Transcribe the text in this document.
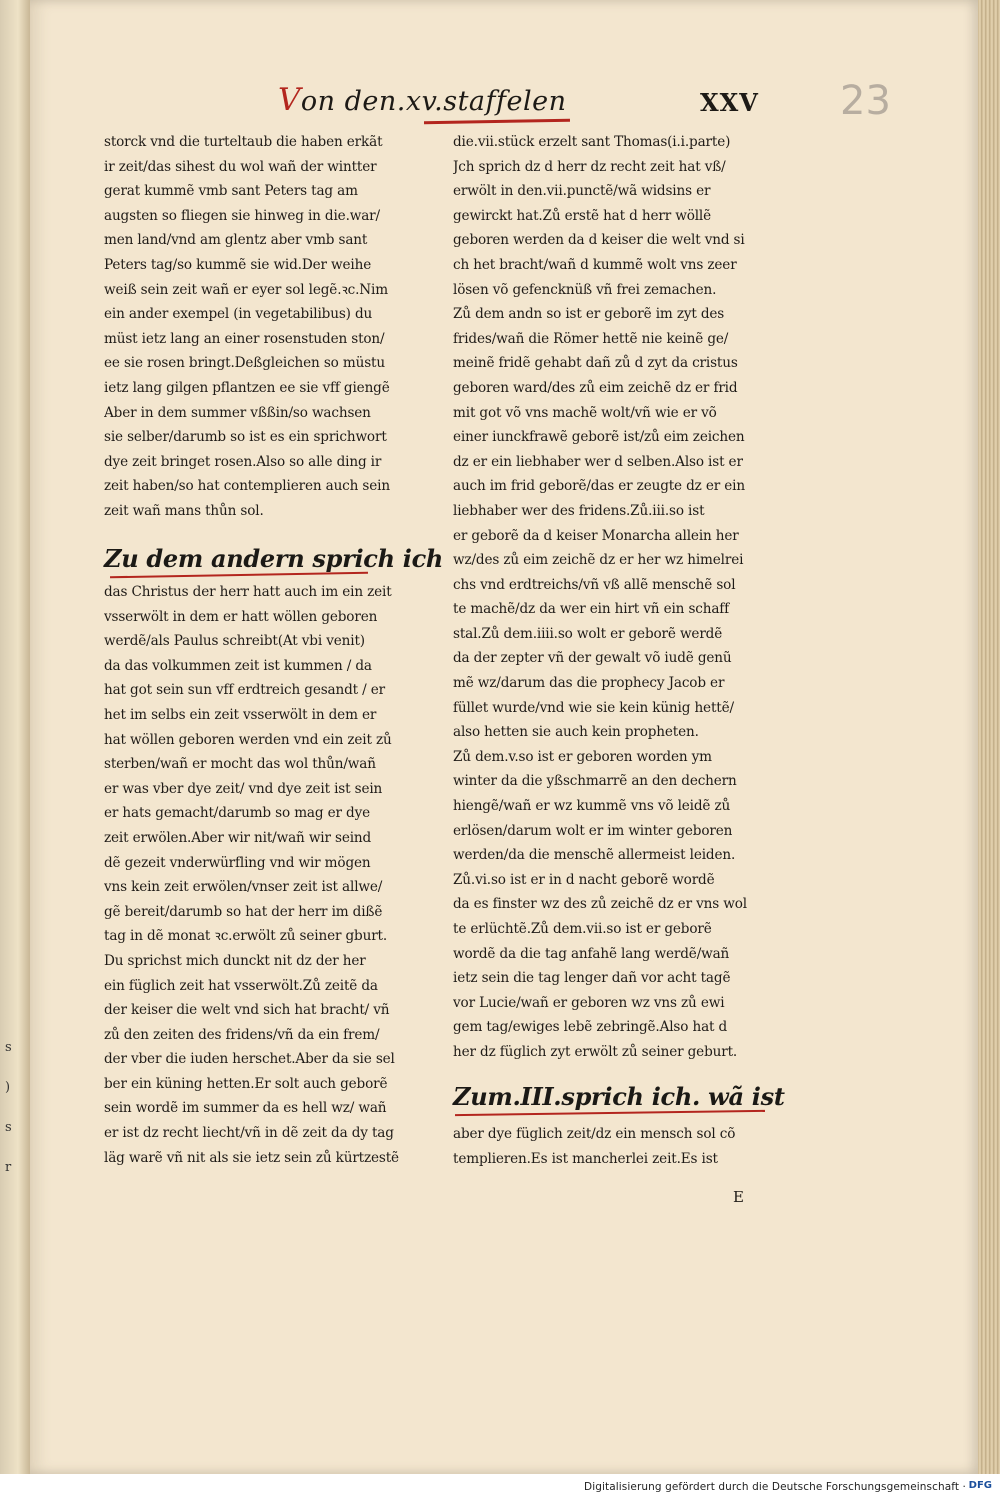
s
)
s
r
Von den.xv.staffelen	XXV 23
storck vnd die turteltaub die haben erkãt
ir zeit/das sihest du wol wañ der wintter
gerat kummẽ vmb sant Peters tag am
augsten so fliegen sie hinweg in die.war/
men land/vnd am glentz aber vmb sant
Peters tag/so kummẽ sie wid.Der weihe
weiß sein zeit wañ er eyer sol legẽ.ꝛc.Nim
ein ander exempel (in vegetabilibus) du
müst ietz lang an einer rosenstuden ston/
ee sie rosen bringt.Deßgleichen so müstu
ietz lang gilgen pflantzen ee sie vff giengẽ
Aber in dem summer vßßin/so wachsen
sie selber/darumb so ist es ein sprichwort
dye zeit bringet rosen.Also so alle ding ir
zeit haben/so hat contemplieren auch sein
zeit wañ mans thůn sol.
Zu dem andern sprich ich
das Christus der herr hatt auch im ein zeit
vsserwölt in dem er hatt wöllen geboren
werdẽ/als Paulus schreibt(At vbi venit)
da das volkummen zeit ist kummen / da
hat got sein sun vff erdtreich gesandt / er
het im selbs ein zeit vsserwölt in dem er
hat wöllen geboren werden vnd ein zeit zů
sterben/wañ er mocht das wol thůn/wañ
er was vber dye zeit/ vnd dye zeit ist sein
er hats gemacht/darumb so mag er dye
zeit erwölen.Aber wir nit/wañ wir seind
dẽ gezeit vnderwürfling vnd wir mögen
vns kein zeit erwölen/vnser zeit ist allwe/
gẽ bereit/darumb so hat der herr im dißẽ
tag in dẽ monat ꝛc.erwölt zů seiner gburt.
Du sprichst mich dunckt nit dz der her
ein füglich zeit hat vsserwölt.Zů zeitẽ da
der keiser die welt vnd sich hat bracht/ vñ
zů den zeiten des fridens/vñ da ein frem/
der vber die iuden herschet.Aber da sie sel
ber ein küning hetten.Er solt auch geborẽ
sein wordẽ im summer da es hell wz/ wañ
er ist dz recht liecht/vñ in dẽ zeit da dy tag
läg warẽ vñ nit als sie ietz sein zů kürtzestẽ
die.vii.stück erzelt sant Thomas(i.i.parte)
Jch sprich dz d herr dz recht zeit hat vß/
erwölt in den.vii.punctẽ/wã widsins er
gewirckt hat.Zů erstẽ hat d herr wöllẽ
geboren werden da d keiser die welt vnd si
ch het bracht/wañ d kummẽ wolt vns zeer
lösen võ gefencknüß vñ frei zemachen.
Zů dem andn so ist er geborẽ im zyt des
frides/wañ die Römer hettẽ nie keinẽ ge/
meinẽ fridẽ gehabt dañ zů d zyt da cristus
geboren ward/des zů eim zeichẽ dz er frid
mit got võ vns machẽ wolt/vñ wie er võ
einer iunckfrawẽ geborẽ ist/zů eim zeichen
dz er ein liebhaber wer d selben.Also ist er
auch im frid geborẽ/das er zeugte dz er ein
liebhaber wer des fridens.Zů.iii.so ist
er geborẽ da d keiser Monarcha allein her
wz/des zů eim zeichẽ dz er her wz himelrei
chs vnd erdtreichs/vñ vß allẽ menschẽ sol
te machẽ/dz da wer ein hirt vñ ein schaff
stal.Zů dem.iiii.so wolt er geborẽ werdẽ
da der zepter vñ der gewalt võ iudẽ genũ
mẽ wz/darum das die prophecy Jacob er
füllet wurde/vnd wie sie kein künig hettẽ/
also hetten sie auch kein propheten.
Zů dem.v.so ist er geboren worden ym
winter da die yßschmarrẽ an den dechern
hiengẽ/wañ er wz kummẽ vns võ leidẽ zů
erlösen/darum wolt er im winter geboren
werden/da die menschẽ allermeist leiden.
Zů.vi.so ist er in d nacht geborẽ wordẽ
da es finster wz des zů zeichẽ dz er vns wol
te erlüchtẽ.Zů dem.vii.so ist er geborẽ
wordẽ da die tag anfahẽ lang werdẽ/wañ
ietz sein die tag lenger dañ vor acht tagẽ
vor Lucie/wañ er geboren wz vns zů ewi
gem tag/ewiges lebẽ zebringẽ.Also hat d
her dz füglich zyt erwölt zů seiner geburt.
Zum.III.sprich ich. wã ist
aber dye füglich zeit/dz ein mensch sol cõ
templieren.Es ist mancherlei zeit.Es ist
E
Digitalisierung gefördert durch die Deutsche Forschungsgemeinschaft · DFG
